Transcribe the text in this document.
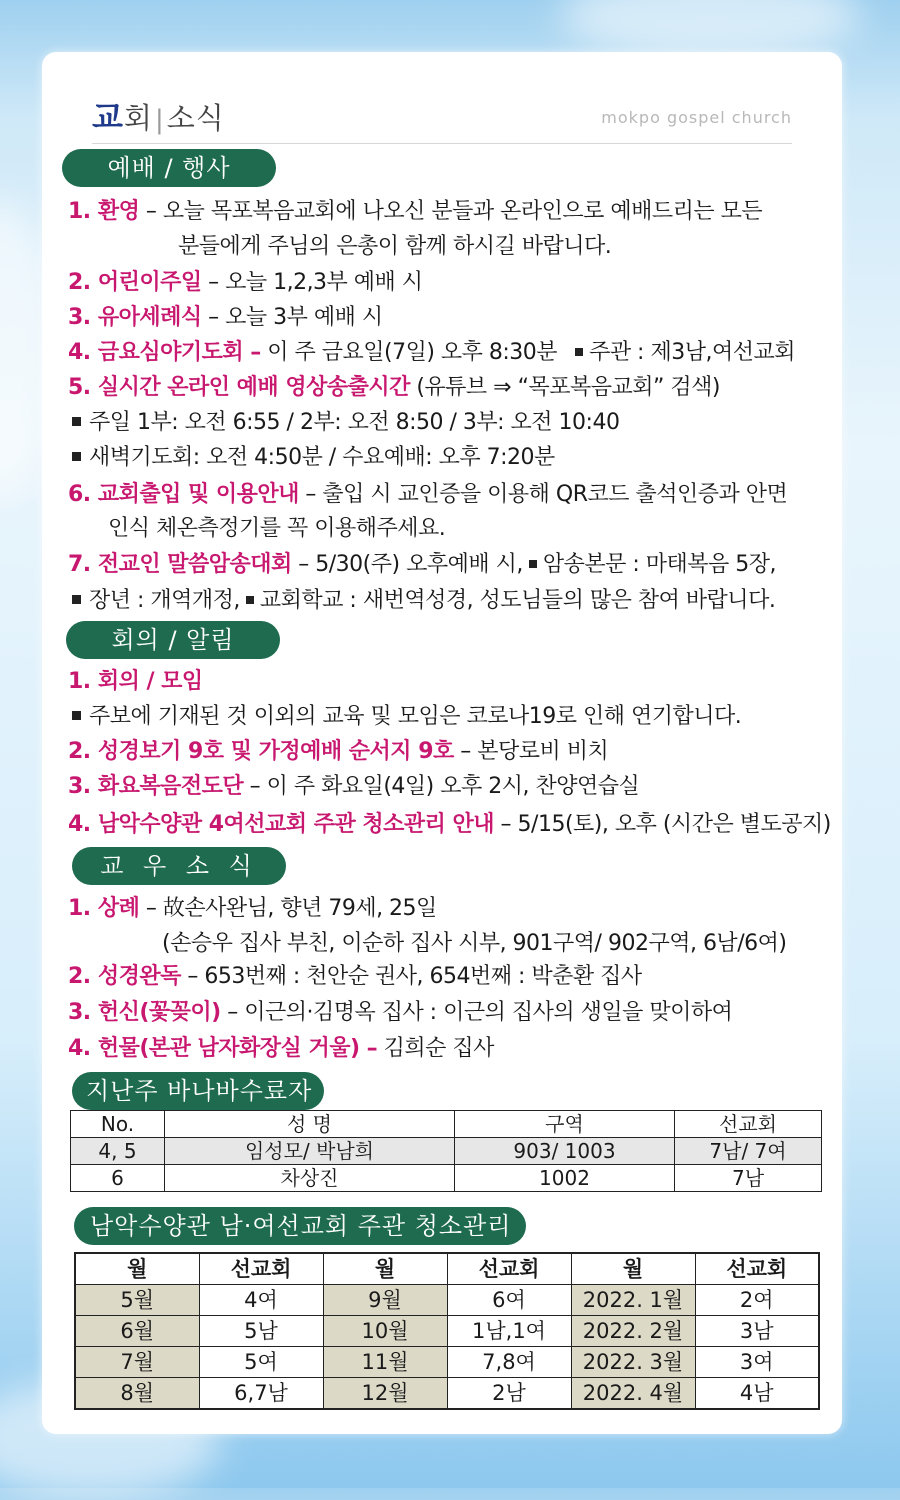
교회|소식	mokpo gospel church
예배 / 행사
1. 환영 – 오늘 목포복음교회에 나오신 분들과 온라인으로 예배드리는 모든
분들에게 주님의 은총이 함께 하시길 바랍니다.
2. 어린이주일 – 오늘 1,2,3부 예배 시
3. 유아세례식 – 오늘 3부 예배 시
4. 금요심야기도회 – 이 주 금요일(7일) 오후 8:30분 주관 : 제3남,여선교회
5. 실시간 온라인 예배 영상송출시간 (유튜브 ⇒ “목포복음교회” 검색)
주일 1부: 오전 6:55 / 2부: 오전 8:50 / 3부: 오전 10:40
새벽기도회: 오전 4:50분 / 수요예배: 오후 7:20분
6. 교회출입 및 이용안내 – 출입 시 교인증을 이용해 QR코드 출석인증과 안면
인식 체온측정기를 꼭 이용해주세요.
7. 전교인 말씀암송대회 – 5/30(주) 오후예배 시, 암송본문 : 마태복음 5장,
장년 : 개역개정, 교회학교 : 새번역성경, 성도님들의 많은 참여 바랍니다.
회의 / 알림
1. 회의 / 모임
주보에 기재된 것 이외의 교육 및 모임은 코로나19로 인해 연기합니다.
2. 성경보기 9호 및 가정예배 순서지 9호 – 본당로비 비치
3. 화요복음전도단 – 이 주 화요일(4일) 오후 2시, 찬양연습실
4. 남악수양관 4여선교회 주관 청소관리 안내 – 5/15(토), 오후 (시간은 별도공지)
교 우 소 식
1. 상례 – 故손사완님, 향년 79세, 25일
(손승우 집사 부친, 이순하 집사 시부, 901구역/ 902구역, 6남/6여)
2. 성경완독 – 653번째 : 천안순 권사, 654번째 : 박춘환 집사
3. 헌신(꽃꽂이) – 이근의·김명옥 집사 : 이근의 집사의 생일을 맞이하여
4. 헌물(본관 남자화장실 거울) – 김희순 집사
지난주 바나바수료자
No.	성 명	구역	선교회
4, 5	임성모/ 박남희	903/ 1003	7남/ 7여
6	차상진	1002	7남
남악수양관 남·여선교회 주관 청소관리
월	선교회	월	선교회	월	선교회
5월	4여	9월	6여	2022. 1월	2여
6월	5남	10월	1남,1여	2022. 2월	3남
7월	5여	11월	7,8여	2022. 3월	3여
8월	6,7남	12월	2남	2022. 4월	4남
